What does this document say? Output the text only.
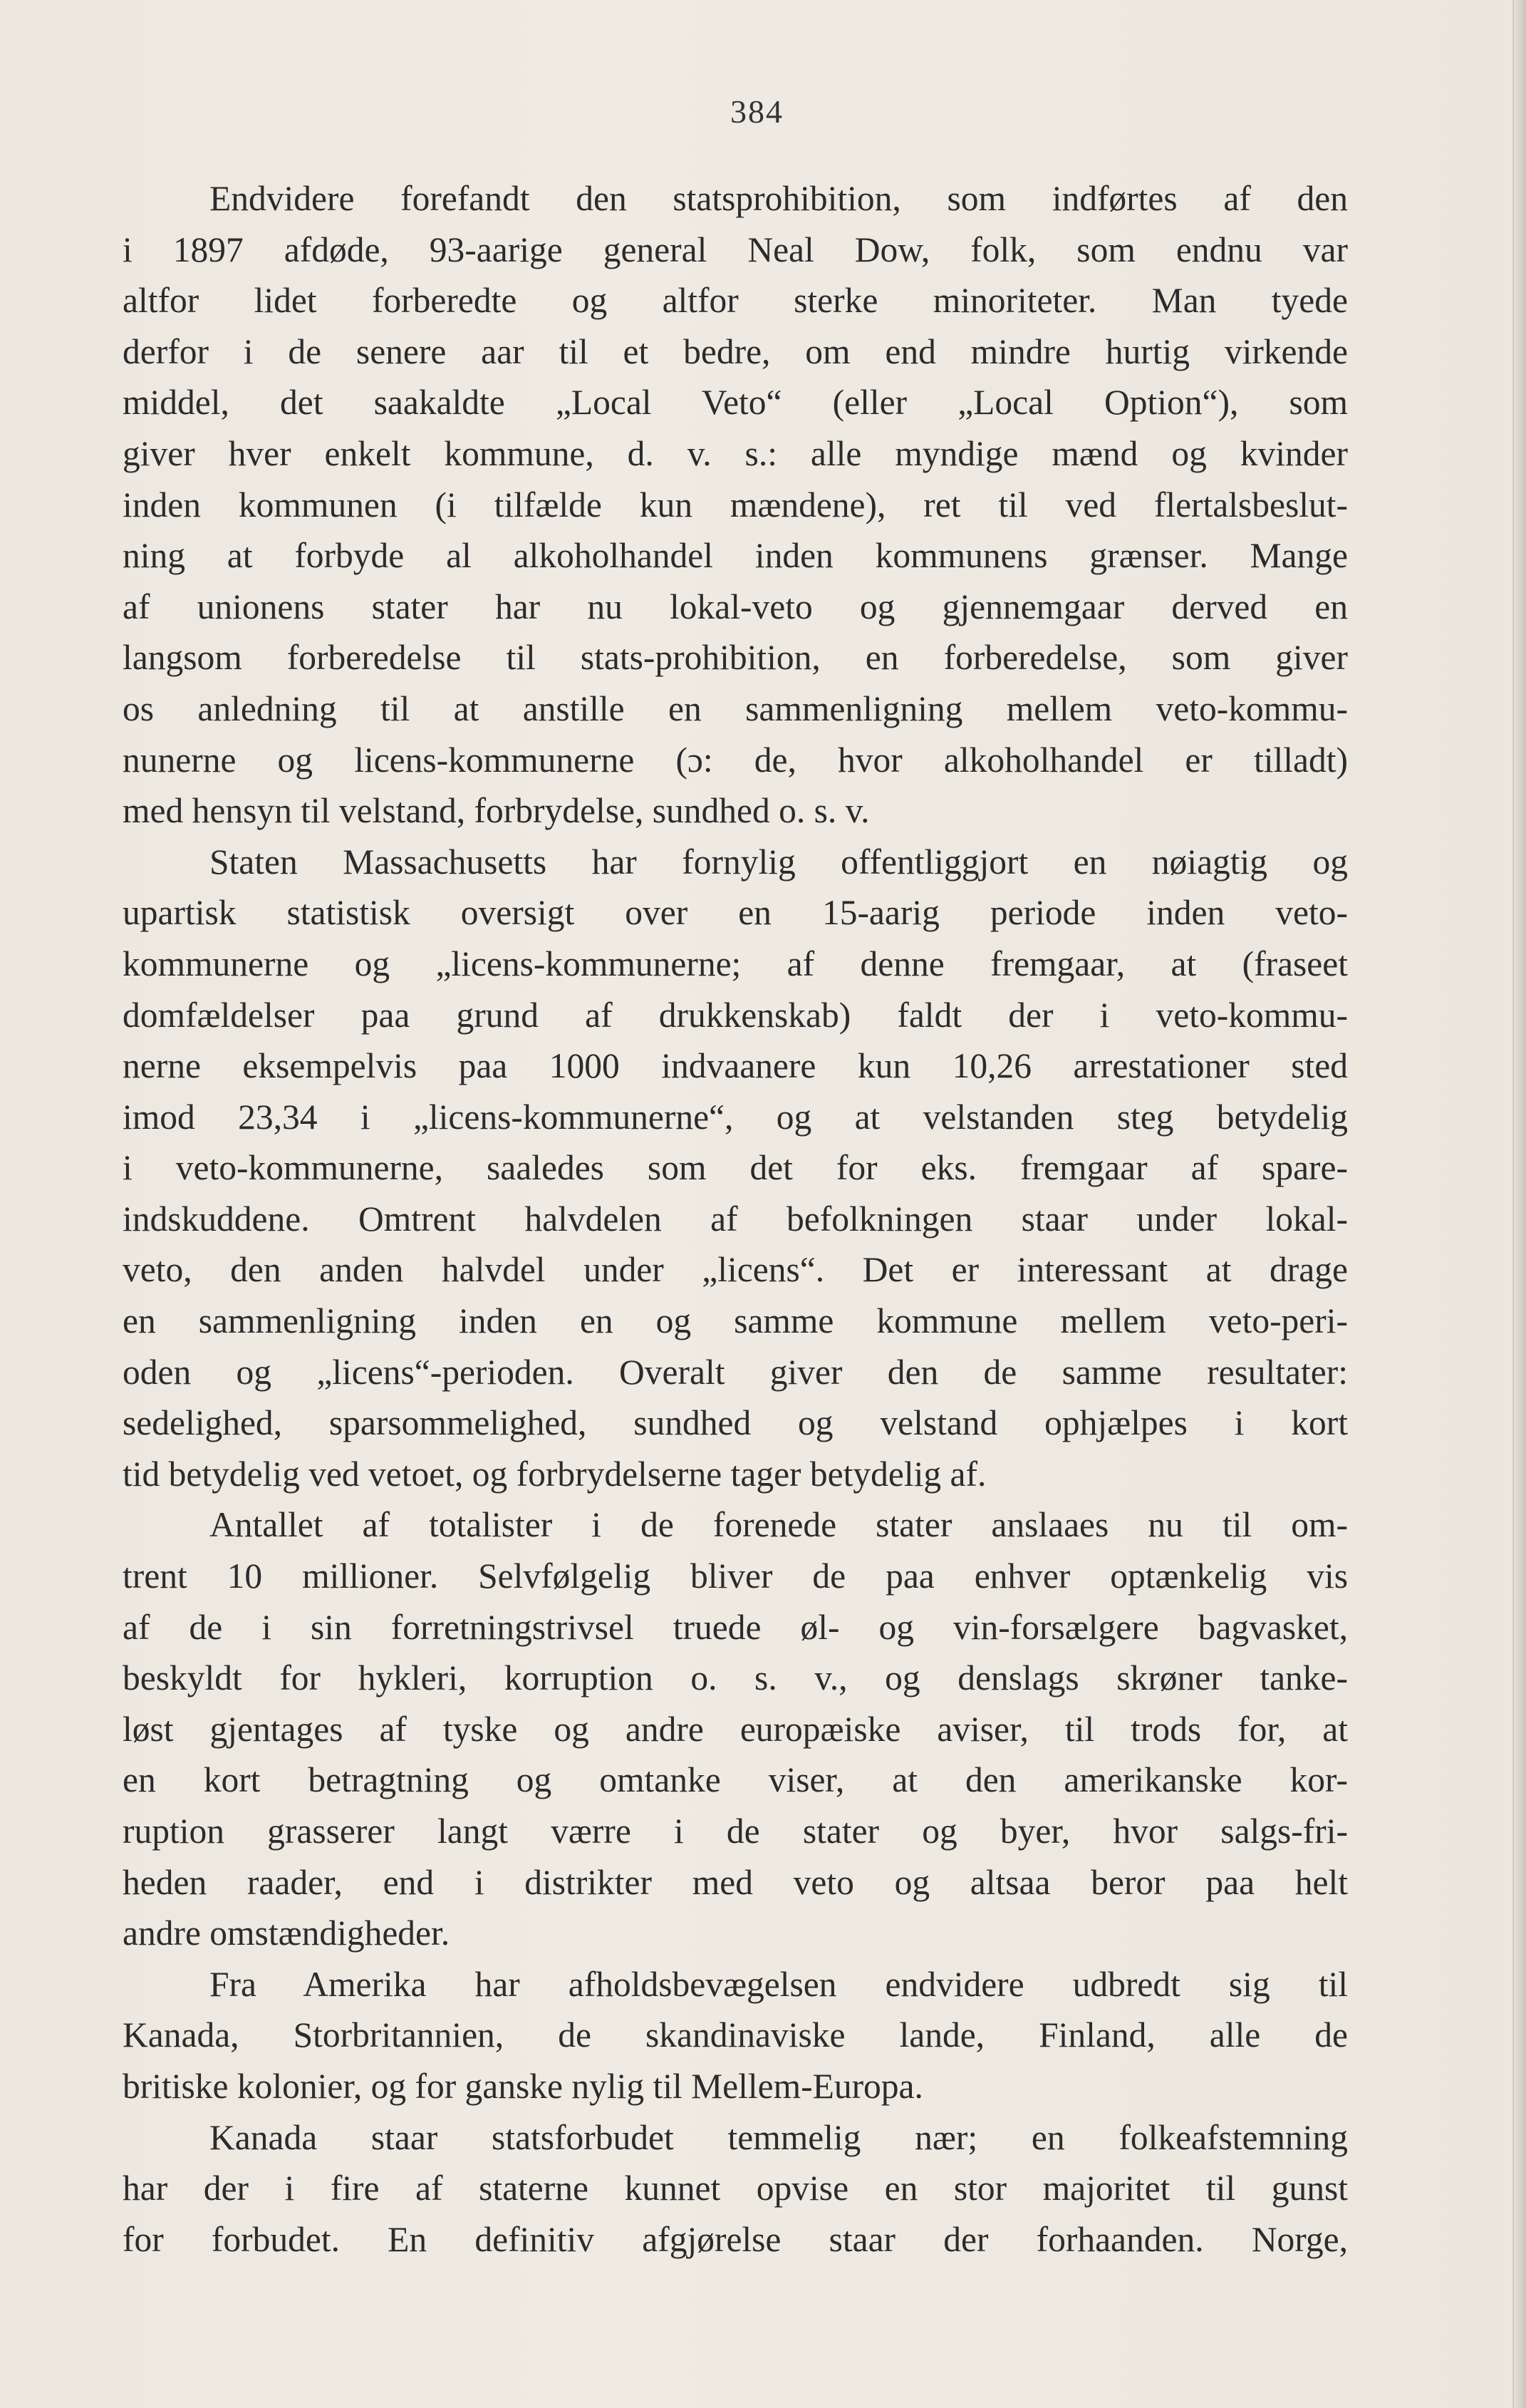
384
Endvidere forefandt den statsprohibition, som indførtes af den
i 1897 afdøde, 93-aarige general Neal Dow, folk, som endnu var
altfor lidet forberedte og altfor sterke minoriteter. Man tyede
derfor i de senere aar til et bedre, om end mindre hurtig virkende
middel, det saakaldte „Local Veto“ (eller „Local Option“), som
giver hver enkelt kommune, d. v. s.: alle myndige mænd og kvinder
inden kommunen (i tilfælde kun mændene), ret til ved flertalsbeslut-
ning at forbyde al alkoholhandel inden kommunens grænser. Mange
af unionens stater har nu lokal-veto og gjennemgaar derved en
langsom forberedelse til stats-prohibition, en forberedelse, som giver
os anledning til at anstille en sammenligning mellem veto-kommu-
nunerne og licens-kommunerne (ɔ: de, hvor alkoholhandel er tilladt)
med hensyn til velstand, forbrydelse, sundhed o. s. v.
Staten Massachusetts har fornylig offentliggjort en nøiagtig og
upartisk statistisk oversigt over en 15-aarig periode inden veto-
kommunerne og „licens-kommunerne; af denne fremgaar, at (fraseet
domfældelser paa grund af drukkenskab) faldt der i veto-kommu-
nerne eksempelvis paa 1000 indvaanere kun 10,26 arrestationer sted
imod 23,34 i „licens-kommunerne“, og at velstanden steg betydelig
i veto-kommunerne, saaledes som det for eks. fremgaar af spare-
indskuddene. Omtrent halvdelen af befolkningen staar under lokal-
veto, den anden halvdel under „licens“. Det er interessant at drage
en sammenligning inden en og samme kommune mellem veto-peri-
oden og „licens“-perioden. Overalt giver den de samme resultater:
sedelighed, sparsommelighed, sundhed og velstand ophjælpes i kort
tid betydelig ved vetoet, og forbrydelserne tager betydelig af.
Antallet af totalister i de forenede stater anslaaes nu til om-
trent 10 millioner. Selvfølgelig bliver de paa enhver optænkelig vis
af de i sin forretningstrivsel truede øl- og vin-forsælgere bagvasket,
beskyldt for hykleri, korruption o. s. v., og denslags skrøner tanke-
løst gjentages af tyske og andre europæiske aviser, til trods for, at
en kort betragtning og omtanke viser, at den amerikanske kor-
ruption grasserer langt værre i de stater og byer, hvor salgs-fri-
heden raader, end i distrikter med veto og altsaa beror paa helt
andre omstændigheder.
Fra Amerika har afholdsbevægelsen endvidere udbredt sig til
Kanada, Storbritannien, de skandinaviske lande, Finland, alle de
britiske kolonier, og for ganske nylig til Mellem-Europa.
Kanada staar statsforbudet temmelig nær; en folkeafstemning
har der i fire af staterne kunnet opvise en stor majoritet til gunst
for forbudet. En definitiv afgjørelse staar der forhaanden. Norge,
